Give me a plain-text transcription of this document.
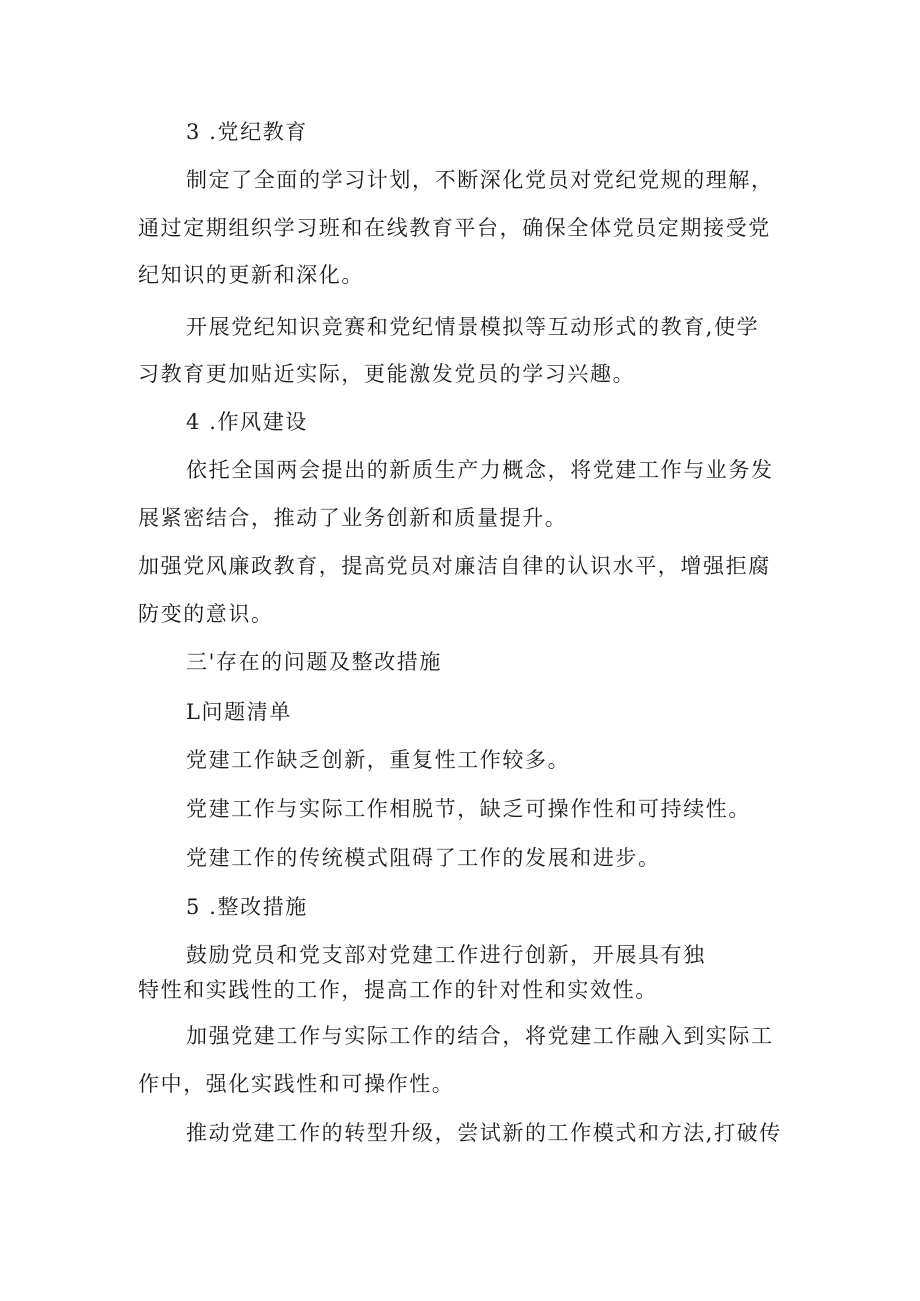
3 .党纪教育
制定了全面的学习计划，不断深化党员对党纪党规的理解，
通过定期组织学习班和在线教育平台，确保全体党员定期接受党
纪知识的更新和深化。
开展党纪知识竞赛和党纪情景模拟等互动形式的教育,使学
习教育更加贴近实际，更能激发党员的学习兴趣。
4 .作风建设
依托全国两会提出的新质生产力概念，将党建工作与业务发
展紧密结合，推动了业务创新和质量提升。
加强党风廉政教育，提高党员对廉洁自律的认识水平，增强拒腐
防变的意识。
三'存在的问题及整改措施
L问题清单
党建工作缺乏创新，重复性工作较多。
党建工作与实际工作相脱节，缺乏可操作性和可持续性。
党建工作的传统模式阻碍了工作的发展和进步。
5 .整改措施
鼓励党员和党支部对党建工作进行创新，开展具有独
特性和实践性的工作，提高工作的针对性和实效性。
加强党建工作与实际工作的结合，将党建工作融入到实际工
作中，强化实践性和可操作性。
推动党建工作的转型升级，尝试新的工作模式和方法,打破传
